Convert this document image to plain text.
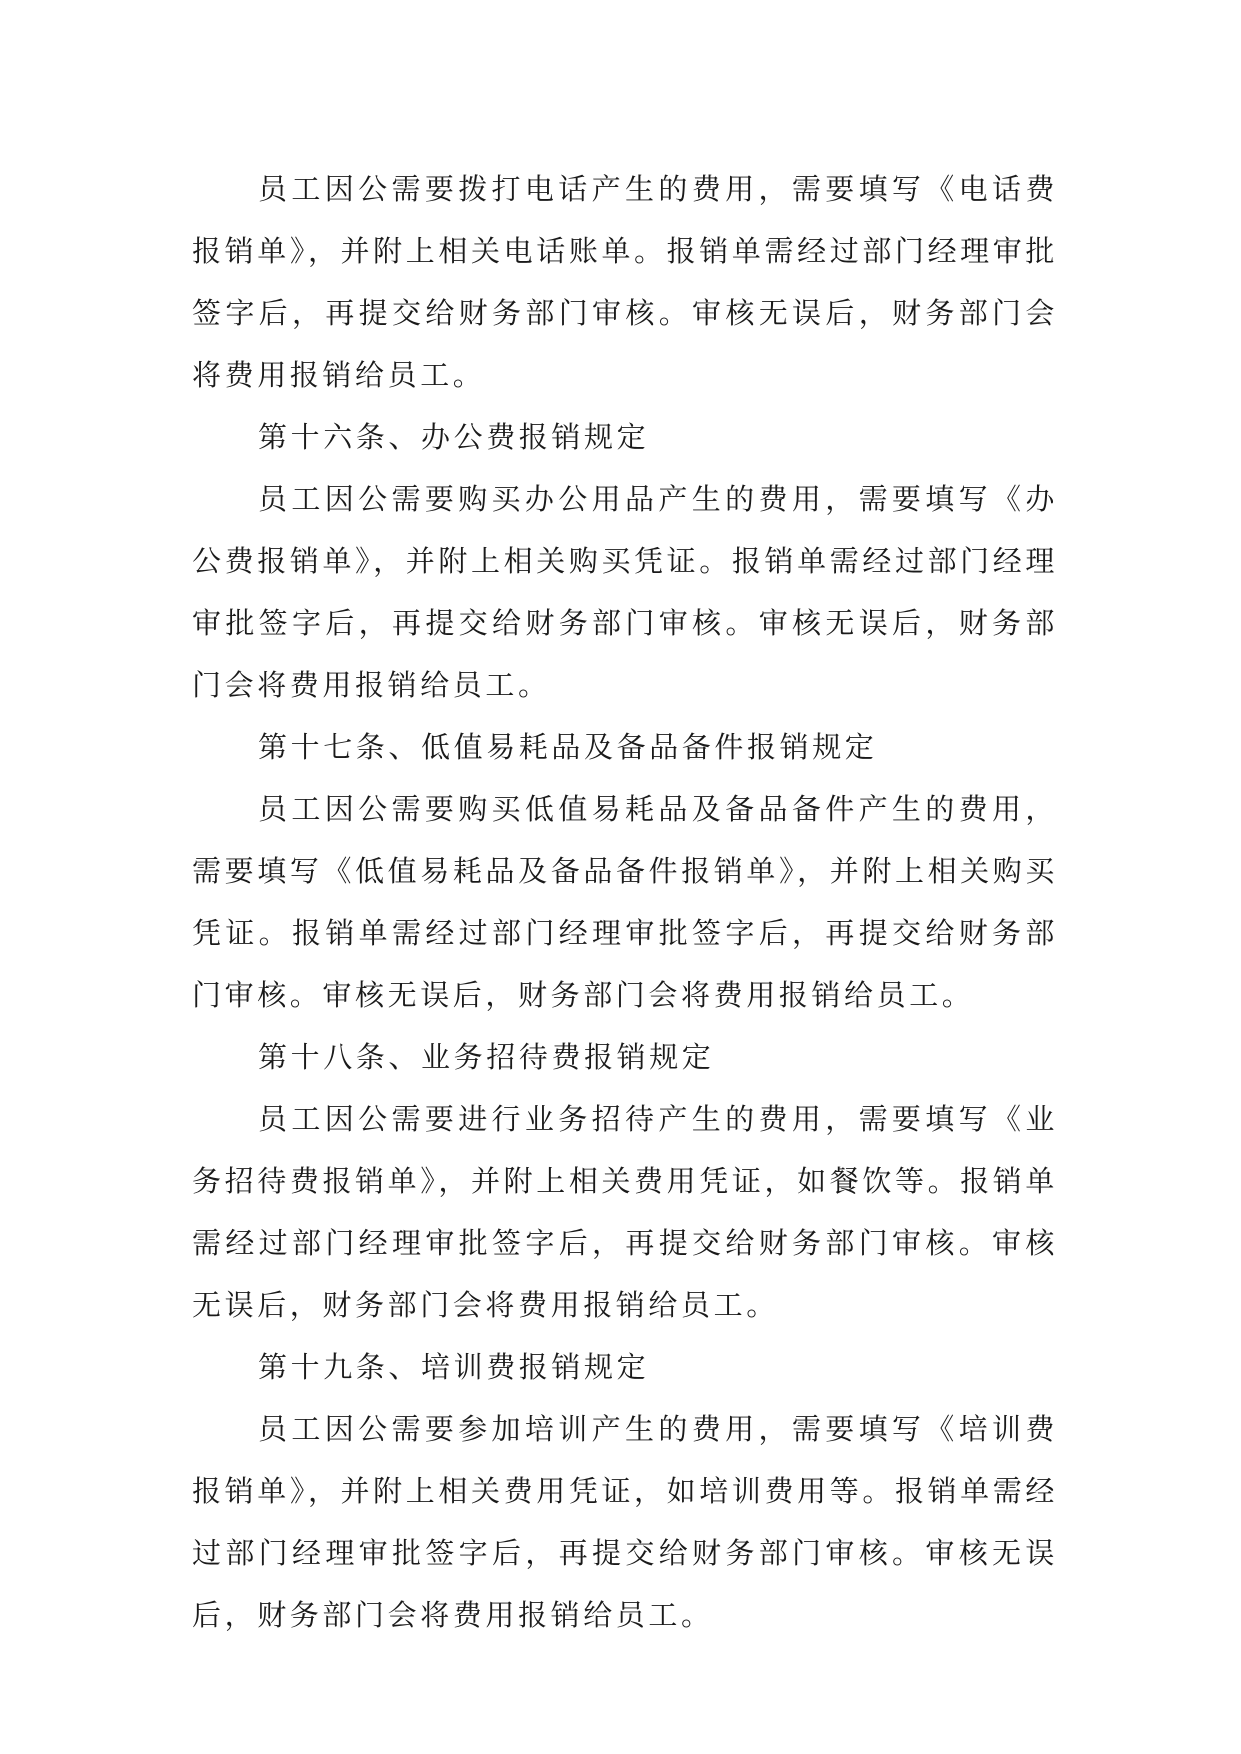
员工因公需要拨打电话产生的费用，需要填写《电话费报销单》，并附上相关电话账单。报销单需经过部门经理审批签字后，再提交给财务部门审核。审核无误后，财务部门会将费用报销给员工。

第十六条、办公费报销规定

员工因公需要购买办公用品产生的费用，需要填写《办公费报销单》，并附上相关购买凭证。报销单需经过部门经理审批签字后，再提交给财务部门审核。审核无误后，财务部门会将费用报销给员工。

第十七条、低值易耗品及备品备件报销规定

员工因公需要购买低值易耗品及备品备件产生的费用，需要填写《低值易耗品及备品备件报销单》，并附上相关购买凭证。报销单需经过部门经理审批签字后，再提交给财务部门审核。审核无误后，财务部门会将费用报销给员工。

第十八条、业务招待费报销规定

员工因公需要进行业务招待产生的费用，需要填写《业务招待费报销单》，并附上相关费用凭证，如餐饮等。报销单需经过部门经理审批签字后，再提交给财务部门审核。审核无误后，财务部门会将费用报销给员工。

第十九条、培训费报销规定

员工因公需要参加培训产生的费用，需要填写《培训费报销单》，并附上相关费用凭证，如培训费用等。报销单需经过部门经理审批签字后，再提交给财务部门审核。审核无误后，财务部门会将费用报销给员工。
